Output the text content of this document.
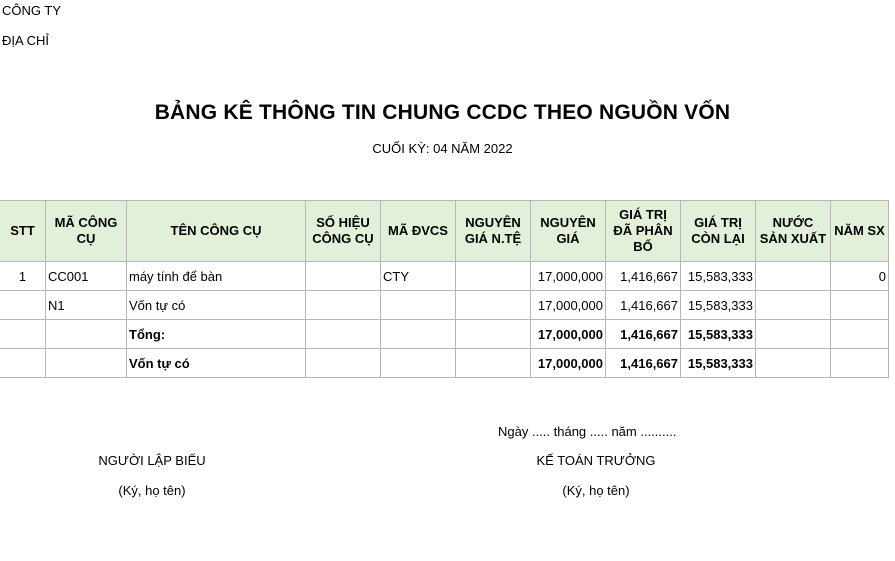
CÔNG TY
ĐỊA CHỈ
BẢNG KÊ THÔNG TIN CHUNG CCDC THEO NGUỒN VỐN
CUỐI KỲ: 04 NĂM 2022
STT	MÃ CÔNG CỤ	TÊN CÔNG CỤ	SỐ HIỆU CÔNG CỤ	MÃ ĐVCS	NGUYÊN GIÁ N.TỆ	NGUYÊN GIÁ	GIÁ TRỊ ĐÃ PHÂN BỔ	GIÁ TRỊ CÒN LẠI	NƯỚC SẢN XUẤT	NĂM SX
1	CC001	máy tính để bàn		CTY		17,000,000	1,416,667	15,583,333		0
	N1	Vốn tự có				17,000,000	1,416,667	15,583,333		
		Tổng:				17,000,000	1,416,667	15,583,333		
		Vốn tự có				17,000,000	1,416,667	15,583,333		
Ngày ..... tháng ..... năm ..........
NGƯỜI LẬP BIỂU
(Ký, họ tên)
KẾ TOÁN TRƯỞNG
(Ký, họ tên)
